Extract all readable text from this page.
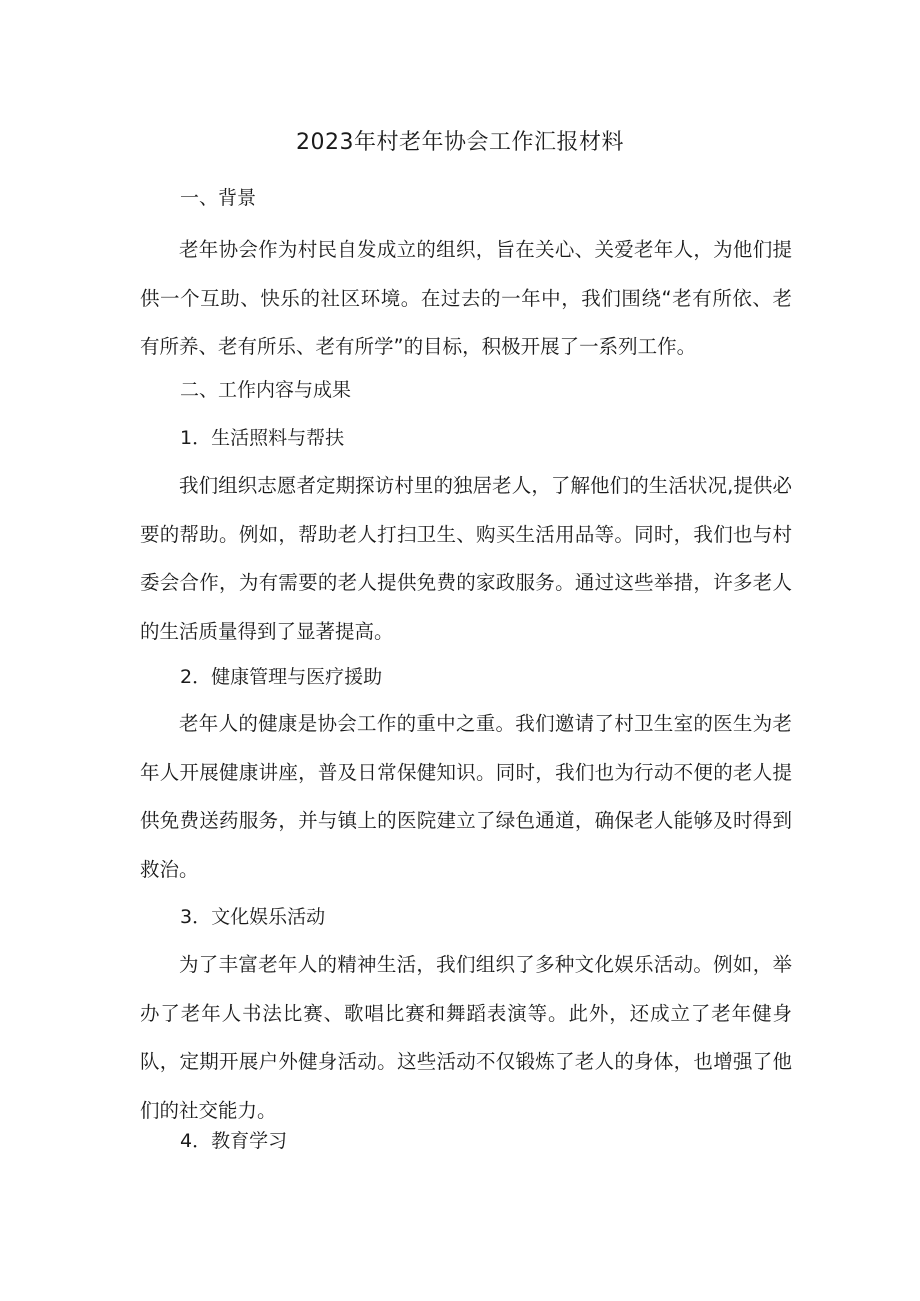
2023年村老年协会工作汇报材料
一、背景

老年协会作为村民自发成立的组织，旨在关心、关爱老年人，为他们提供一个互助、快乐的社区环境。在过去的一年中，我们围绕“老有所依、老有所养、老有所乐、老有所学”的目标，积极开展了一系列工作。

二、工作内容与成果
1．生活照料与帮扶

我们组织志愿者定期探访村里的独居老人，了解他们的生活状况,提供必要的帮助。例如，帮助老人打扫卫生、购买生活用品等。同时，我们也与村委会合作，为有需要的老人提供免费的家政服务。通过这些举措，许多老人的生活质量得到了显著提高。

2．健康管理与医疗援助

老年人的健康是协会工作的重中之重。我们邀请了村卫生室的医生为老年人开展健康讲座，普及日常保健知识。同时，我们也为行动不便的老人提供免费送药服务，并与镇上的医院建立了绿色通道，确保老人能够及时得到救治。

3．文化娱乐活动

为了丰富老年人的精神生活，我们组织了多种文化娱乐活动。例如，举办了老年人书法比赛、歌唱比赛和舞蹈表演等。此外，还成立了老年健身队，定期开展户外健身活动。这些活动不仅锻炼了老人的身体，也增强了他们的社交能力。

4．教育学习
